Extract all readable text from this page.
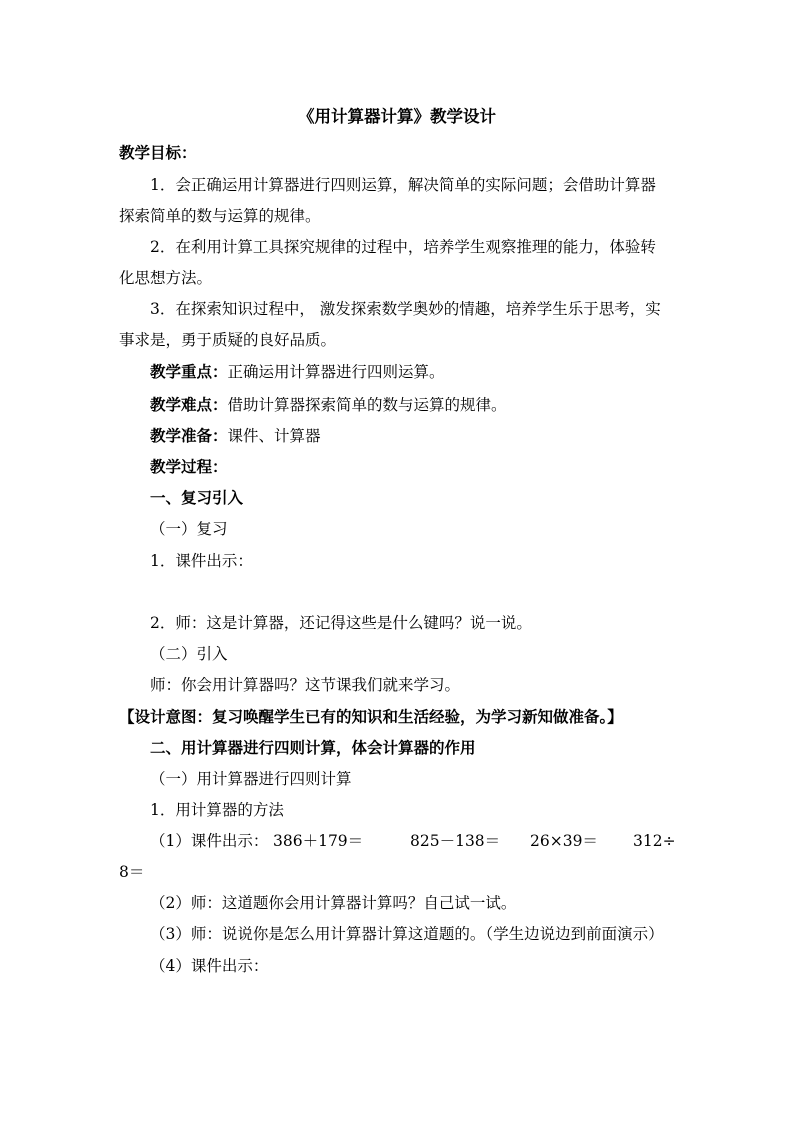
《用计算器计算》教学设计
教学目标：
1．会正确运用计算器进行四则运算，解决简单的实际问题；会借助计算器
探索简单的数与运算的规律。
2．在利用计算工具探究规律的过程中，培养学生观察推理的能力，体验转
化思想方法。
3．在探索知识过程中， 激发探索数学奥妙的情趣，培养学生乐于思考，实
事求是，勇于质疑的良好品质。
教学重点：正确运用计算器进行四则运算。
教学难点：借助计算器探索简单的数与运算的规律。
教学准备：课件、计算器
教学过程：
一、复习引入
（一）复习
1．课件出示：
2．师：这是计算器，还记得这些是什么键吗？说一说。
（二）引入
师：你会用计算器吗？这节课我们就来学习。
【设计意图：复习唤醒学生已有的知识和生活经验，为学习新知做准备。】
二、用计算器进行四则计算，体会计算器的作用
（一）用计算器进行四则计算
1．用计算器的方法
（1）课件出示： 386＋179＝	825－138＝ 26×39＝ 312÷
8＝
（2）师：这道题你会用计算器计算吗？自己试一试。
（3）师：说说你是怎么用计算器计算这道题的。（学生边说边到前面演示）
（4）课件出示：
